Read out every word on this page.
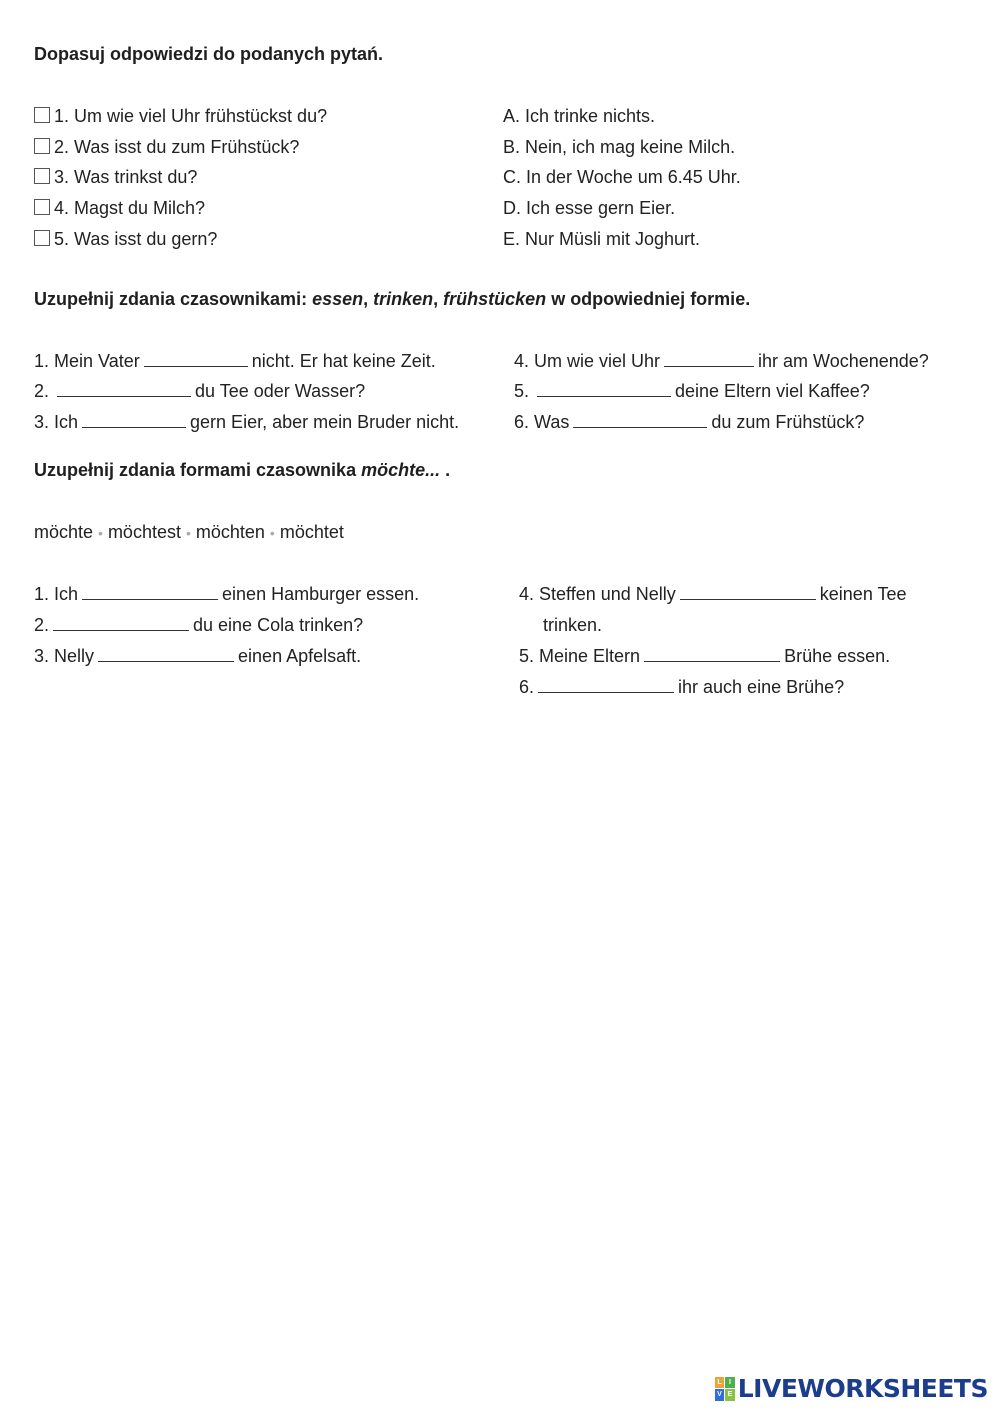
Dopasuj odpowiedzi do podanych pytań.
1. Um wie viel Uhr frühstückst du?
2. Was isst du zum Frühstück?
3. Was trinkst du?
4. Magst du Milch?
5. Was isst du gern?
A. Ich trinke nichts.
B. Nein, ich mag keine Milch.
C. In der Woche um 6.45 Uhr.
D. Ich esse gern Eier.
E. Nur Müsli mit Joghurt.
Uzupełnij zdania czasownikami: essen, trinken, frühstücken w odpowiedniej formie.
1. Mein Vater	nicht. Er hat keine Zeit.
2.	du Tee oder Wasser?
3. Ich	gern Eier, aber mein Bruder nicht.
4. Um wie viel Uhr	ihr am Wochenende?
5.	deine Eltern viel Kaffee?
6. Was	du zum Frühstück?
Uzupełnij zdania formami czasownika möchte... .
möchte • möchtest • möchten • möchtet
1. Ich	einen Hamburger essen.
2.	du eine Cola trinken?
3. Nelly	einen Apfelsaft.
4. Steffen und Nelly	keinen Tee
trinken.
5. Meine Eltern	Brühe essen.
6.	ihr auch eine Brühe?
L	I
V E LIVEWORKSHEETS
